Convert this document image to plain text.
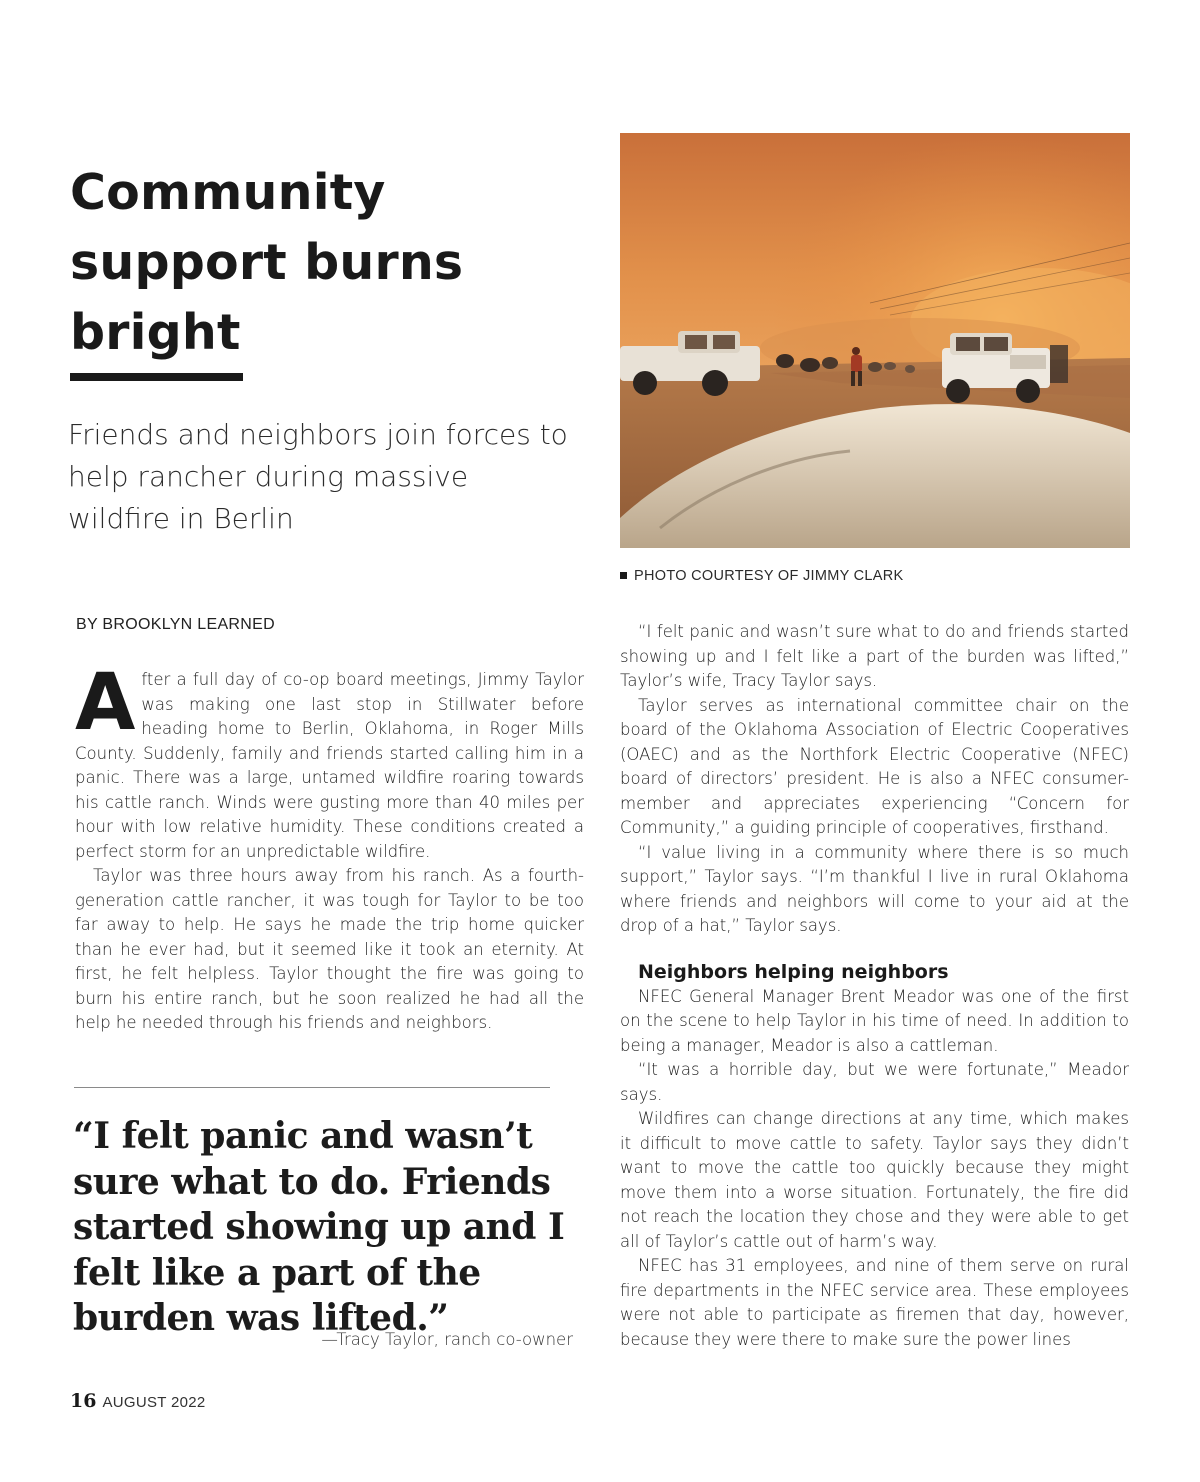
Community support burns bright

Friends and neighbors join forces to help rancher during massive wildfire in Berlin

PHOTO COURTESY OF JIMMY CLARK
BY BROOKLYN LEARNED

After a full day of co-op board meetings, Jimmy Taylor was making one last stop in Stillwater before heading home to Berlin, Oklahoma, in Roger Mills County. Suddenly, family and friends started calling him in a panic. There was a large, untamed wildfire roaring towards his cattle ranch. Winds were gusting more than 40 miles per hour with low relative humidity. These conditions created a perfect storm for an unpredictable wildfire.

Taylor was three hours away from his ranch. As a fourth-generation cattle rancher, it was tough for Taylor to be too far away to help. He says he made the trip home quicker than he ever had, but it seemed like it took an eternity. At first, he felt helpless. Taylor thought the fire was going to burn his entire ranch, but he soon realized he had all the help he needed through his friends and neighbors.

“I felt panic and wasn’t sure what to do. Friends started showing up and I felt like a part of the burden was lifted.”

—Tracy Taylor, ranch co-owner

“I felt panic and wasn’t sure what to do and friends started showing up and I felt like a part of the burden was lifted,” Taylor’s wife, Tracy Taylor says.

Taylor serves as international committee chair on the board of the Oklahoma Association of Electric Cooperatives (OAEC) and as the Northfork Electric Cooperative (NFEC) board of directors’ president. He is also a NFEC consumer-member and appreciates experiencing “Concern for Community,” a guiding principle of cooperatives, firsthand.

“I value living in a community where there is so much support,” Taylor says. “I’m thankful I live in rural Oklahoma where friends and neighbors will come to your aid at the drop of a hat,” Taylor says.

Neighbors helping neighbors

NFEC General Manager Brent Meador was one of the first on the scene to help Taylor in his time of need. In addition to being a manager, Meador is also a cattleman.

“It was a horrible day, but we were fortunate,” Meador says.

Wildfires can change directions at any time, which makes it difficult to move cattle to safety. Taylor says they didn’t want to move the cattle too quickly because they might move them into a worse situation. Fortunately, the fire did not reach the location they chose and they were able to get all of Taylor’s cattle out of harm’s way.

NFEC has 31 employees, and nine of them serve on rural fire departments in the NFEC service area. These employees were not able to participate as firemen that day, however, because they were there to make sure the power lines

16 AUGUST 2022
